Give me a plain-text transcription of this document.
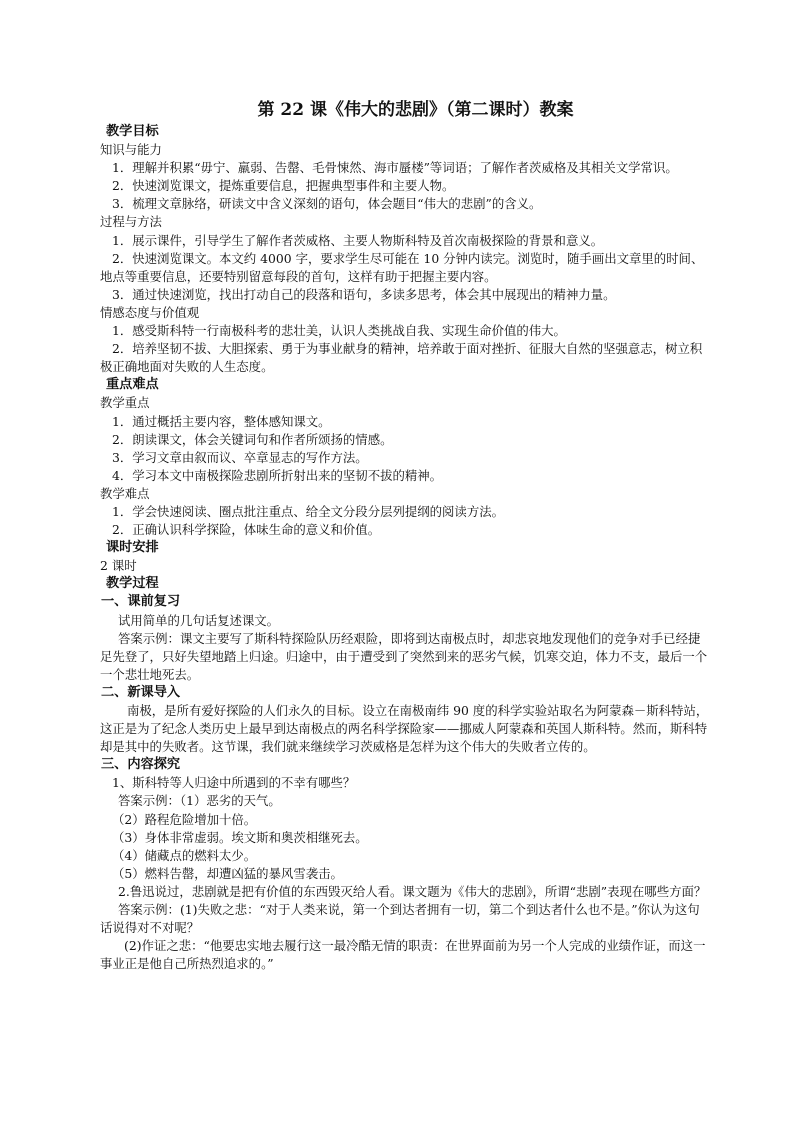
第 22 课《伟大的悲剧》（第二课时）教案
教学目标
知识与能力

1．理解并积累“毋宁、羸弱、告罄、毛骨悚然、海市蜃楼”等词语；了解作者茨威格及其相关文学常识。

2．快速浏览课文，提炼重要信息，把握典型事件和主要人物。

3．梳理文章脉络，研读文中含义深刻的语句，体会题目“伟大的悲剧”的含义。

过程与方法

1．展示课件，引导学生了解作者茨威格、主要人物斯科特及首次南极探险的背景和意义。

2．快速浏览课文。本文约 4000 字，要求学生尽可能在 10 分钟内读完。浏览时，随手画出文章里的时间、地点等重要信息，还要特别留意每段的首句，这样有助于把握主要内容。

3．通过快速浏览，找出打动自己的段落和语句，多读多思考，体会其中展现出的精神力量。

情感态度与价值观

1．感受斯科特一行南极科考的悲壮美，认识人类挑战自我、实现生命价值的伟大。

2．培养坚韧不拔、大胆探索、勇于为事业献身的精神，培养敢于面对挫折、征服大自然的坚强意志，树立积极正确地面对失败的人生态度。

重点难点
教学重点

1．通过概括主要内容，整体感知课文。

2．朗读课文，体会关键词句和作者所颂扬的情感。

3．学习文章由叙而议、卒章显志的写作方法。

4．学习本文中南极探险悲剧所折射出来的坚韧不拔的精神。

教学难点

1．学会快速阅读、圈点批注重点、给全文分段分层列提纲的阅读方法。

2．正确认识科学探险，体味生命的意义和价值。

课时安排

2 课时

教学过程
一、课前复习

试用简单的几句话复述课文。

答案示例：课文主要写了斯科特探险队历经艰险，即将到达南极点时，却悲哀地发现他们的竞争对手已经捷足先登了，只好失望地踏上归途。归途中，由于遭受到了突然到来的恶劣气候，饥寒交迫，体力不支，最后一个一个悲壮地死去。

二、新课导入

南极，是所有爱好探险的人们永久的目标。设立在南极南纬 90 度的科学实验站取名为阿蒙森－斯科特站，这正是为了纪念人类历史上最早到达南极点的两名科学探险家——挪威人阿蒙森和英国人斯科特。然而，斯科特却是其中的失败者。这节课，我们就来继续学习茨威格是怎样为这个伟大的失败者立传的。

三、内容探究

1、斯科特等人归途中所遇到的不幸有哪些？

答案示例：（1）恶劣的天气。

（2）路程危险增加十倍。

（3）身体非常虚弱。埃文斯和奥茨相继死去。

（4）储藏点的燃料太少。

（5）燃料告罄，却遭凶猛的暴风雪袭击。

2.鲁迅说过，悲剧就是把有价值的东西毁灭给人看。课文题为《伟大的悲剧》，所谓“悲剧”表现在哪些方面？

答案示例：(1)失败之悲：“对于人类来说，第一个到达者拥有一切，第二个到达者什么也不是。”你认为这句话说得对不对呢？

(2)作证之悲：“他要忠实地去履行这一最冷酷无情的职责：在世界面前为另一个人完成的业绩作证，而这一事业正是他自己所热烈追求的。”
